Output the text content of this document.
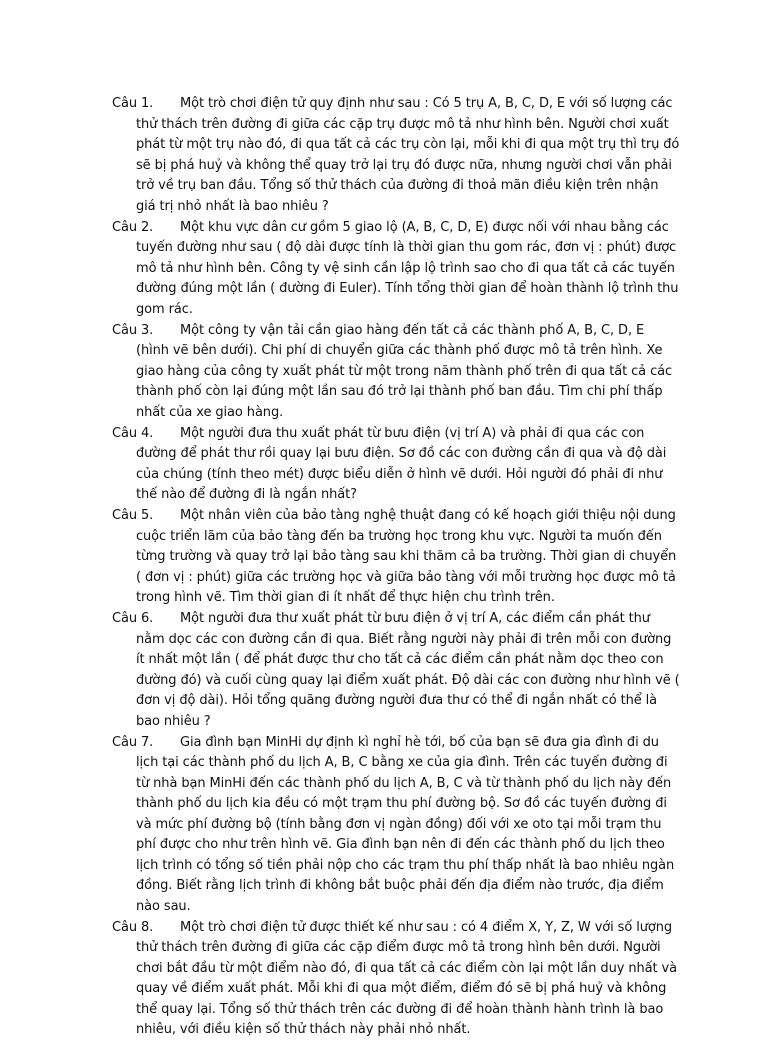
Câu 1. Một trò chơi điện tử quy định như sau : Có 5 trụ A, B, C, D, E với số lượng các thử thách trên đường đi giữa các cặp trụ được mô tả như hình bên. Người chơi xuất phát từ một trụ nào đó, đi qua tất cả các trụ còn lại, mỗi khi đi qua một trụ thì trụ đó sẽ bị phá huỷ và không thể quay trở lại trụ đó được nữa, nhưng người chơi vẫn phải trở về trụ ban đầu. Tổng số thử thách của đường đi thoả mãn điều kiện trên nhận giá trị nhỏ nhất là bao nhiêu ?

Câu 2. Một khu vực dân cư gồm 5 giao lộ (A, B, C, D, E) được nối với nhau bằng các tuyến đường như sau ( độ dài được tính là thời gian thu gom rác, đơn vị : phút) được mô tả như hình bên. Công ty vệ sinh cần lập lộ trình sao cho đi qua tất cả các tuyến đường đúng một lần ( đường đi Euler). Tính tổng thời gian để hoàn thành lộ trình thu gom rác.

Câu 3. Một công ty vận tải cần giao hàng đến tất cả các thành phố A, B, C, D, E (hình vẽ bên dưới). Chi phí di chuyển giữa các thành phố được mô tả trên hình. Xe giao hàng của công ty xuất phát từ một trong năm thành phố trên đi qua tất cả các thành phố còn lại đúng một lần sau đó trở lại thành phố ban đầu. Tìm chi phí thấp nhất của xe giao hàng.

Câu 4. Một người đưa thu xuất phát từ bưu điện (vị trí A) và phải đi qua các con đường để phát thư rồi quay lại bưu điện. Sơ đồ các con đường cần đi qua và độ dài của chúng (tính theo mét) được biểu diễn ở hình vẽ dưới. Hỏi người đó phải đi như thế nào để đường đi là ngắn nhất?

Câu 5. Một nhân viên của bảo tàng nghệ thuật đang có kế hoạch giới thiệu nội dung cuộc triển lãm của bảo tàng đến ba trường học trong khu vực. Người ta muốn đến từng trường và quay trở lại bảo tàng sau khi thăm cả ba trường. Thời gian di chuyển ( đơn vị : phút) giữa các trường học và giữa bảo tàng với mỗi trường học được mô tả trong hình vẽ. Tìm thời gian đi ít nhất để thực hiện chu trình trên.

Câu 6. Một người đưa thư xuất phát từ bưu điện ở vị trí A, các điểm cần phát thư nằm dọc các con đường cần đi qua. Biết rằng người này phải đi trên mỗi con đường ít nhất một lần ( để phát được thư cho tất cả các điểm cần phát nằm dọc theo con đường đó) và cuối cùng quay lại điểm xuất phát. Độ dài các con đường như hình vẽ ( đơn vị độ dài). Hỏi tổng quãng đường người đưa thư có thể đi ngắn nhất có thể là bao nhiêu ?

Câu 7. Gia đình bạn MinHi dự định kì nghỉ hè tới, bố của bạn sẽ đưa gia đình đi du lịch tại các thành phố du lịch A, B, C bằng xe của gia đình. Trên các tuyến đường đi từ nhà bạn MinHi đến các thành phố du lịch A, B, C và từ thành phố du lịch này đến thành phố du lịch kia đều có một trạm thu phí đường bộ. Sơ đồ các tuyến đường đi và mức phí đường bộ (tính bằng đơn vị ngàn đồng) đối với xe oto tại mỗi trạm thu phí được cho như trên hình vẽ. Gia đình bạn nên đi đến các thành phố du lịch theo lịch trình có tổng số tiền phải nộp cho các trạm thu phí thấp nhất là bao nhiêu ngàn đồng. Biết rằng lịch trình đi không bắt buộc phải đến địa điểm nào trước, địa điểm nào sau.

Câu 8. Một trò chơi điện tử được thiết kế như sau : có 4 điểm X, Y, Z, W với số lượng thử thách trên đường đi giữa các cặp điểm được mô tả trong hình bên dưới. Người chơi bắt đầu từ một điểm nào đó, đi qua tất cả các điểm còn lại một lần duy nhất và quay về điểm xuất phát. Mỗi khi đi qua một điểm, điểm đó sẽ bị phá huỷ và không thể quay lại. Tổng số thử thách trên các đường đi để hoàn thành hành trình là bao nhiêu, với điều kiện số thử thách này phải nhỏ nhất.
